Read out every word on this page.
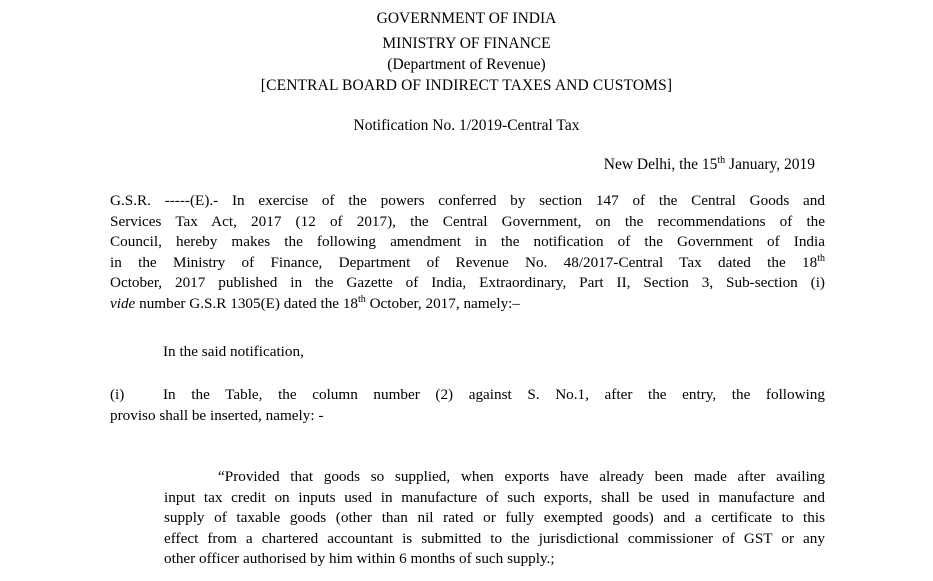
GOVERNMENT OF INDIA
MINISTRY OF FINANCE
(Department of Revenue)
[CENTRAL BOARD OF INDIRECT TAXES AND CUSTOMS]
Notification No. 1/2019-Central Tax
New Delhi, the 15th January, 2019
G.S.R. -----(E).- In exercise of the powers conferred by section 147 of the Central Goods and
Services Tax Act, 2017 (12 of 2017), the Central Government, on the recommendations of the
Council, hereby makes the following amendment in the notification of the Government of India
in the Ministry of Finance, Department of Revenue No. 48/2017-Central Tax dated the 18th
October, 2017 published in the Gazette of India, Extraordinary, Part II, Section 3, Sub-section (i)
vide number G.S.R 1305(E) dated the 18th October, 2017, namely:–
In the said notification,
(i)	In the Table, the column number (2) against S. No.1, after the entry, the following
proviso shall be inserted, namely: -
“Provided that goods so supplied, when exports have already been made after availing
input tax credit on inputs used in manufacture of such exports, shall be used in manufacture and
supply of taxable goods (other than nil rated or fully exempted goods) and a certificate to this
effect from a chartered accountant is submitted to the jurisdictional commissioner of GST or any
other officer authorised by him within 6 months of such supply.;
